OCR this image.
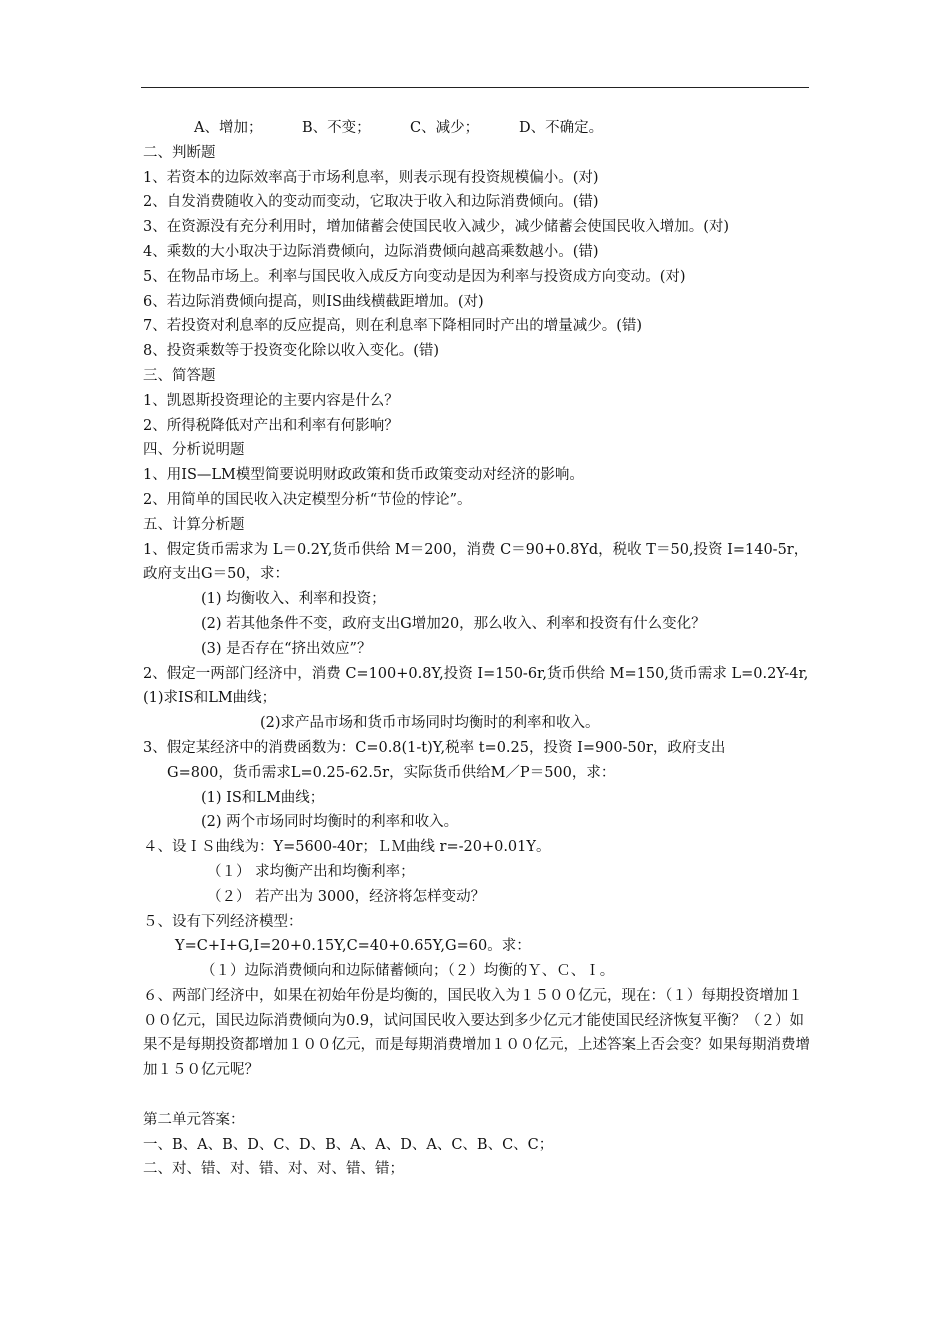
A、增加；	B、不变；	C、减少；	D、不确定。
二、判断题
1、若资本的边际效率高于市场利息率，则表示现有投资规模偏小。(对)
2、自发消费随收入的变动而变动，它取决于收入和边际消费倾向。(错)
3、在资源没有充分利用时，增加储蓄会使国民收入减少，减少储蓄会使国民收入增加。(对)
4、乘数的大小取决于边际消费倾向，边际消费倾向越高乘数越小。(错)
5、在物品市场上。利率与国民收入成反方向变动是因为利率与投资成方向变动。(对)
6、若边际消费倾向提高，则IS曲线横截距增加。(对)
7、若投资对利息率的反应提高，则在利息率下降相同时产出的增量减少。(错)
8、投资乘数等于投资变化除以收入变化。(错)
三、简答题
1、凯恩斯投资理论的主要内容是什么？
2、所得税降低对产出和利率有何影响？
四、分析说明题
1、用IS—LM模型简要说明财政政策和货币政策变动对经济的影响。
2、用简单的国民收入决定模型分析“节俭的悖论”。
五、计算分析题
1、假定货币需求为 L＝0.2Y,货币供给 M＝200，消费 C＝90+0.8Yd，税收 T＝50,投资 I=140-5r，
政府支出G＝50，求：
(1) 均衡收入、利率和投资；
(2) 若其他条件不变，政府支出G增加20，那么收入、利率和投资有什么变化？
(3) 是否存在“挤出效应”？
2、假定一两部门经济中，消费 C=100+0.8Y,投资 I=150-6r,货币供给 M=150,货币需求 L=0.2Y-4r,(1)求IS和LM曲线；
(2)求产品市场和货币市场同时均衡时的利率和收入。
3、假定某经济中的消费函数为：C=0.8(1-t)Y,税率 t=0.25，投资 I=900-50r，政府支出
G=800，货币需求L=0.25-62.5r，实际货币供给M／P＝500，求：
(1) IS和LM曲线；
(2) 两个市场同时均衡时的利率和收入。
４、设ＩＳ曲线为：Y=5600-40r；ＬＭ曲线 r=-20+0.01Y。
（１） 求均衡产出和均衡利率；
（２） 若产出为 3000，经济将怎样变动？
５、设有下列经济模型：
Y=C+I+G,I=20+0.15Y,C=40+0.65Y,G=60。求：
（１）边际消费倾向和边际储蓄倾向；（２）均衡的Ｙ、Ｃ、Ｉ。
６、两部门经济中，如果在初始年份是均衡的，国民收入为１５００亿元，现在：（１）每期投资增加１００亿元，国民边际消费倾向为0.9，试问国民收入要达到多少亿元才能使国民经济恢复平衡？（２）如果不是每期投资都增加１００亿元，而是每期消费增加１００亿元，上述答案上否会变？如果每期消费增加１５０亿元呢？
第二单元答案：
一、B、A、B、D、C、D、B、A、A、D、A、C、B、C、C；
二、对、错、对、错、对、对、错、错；
